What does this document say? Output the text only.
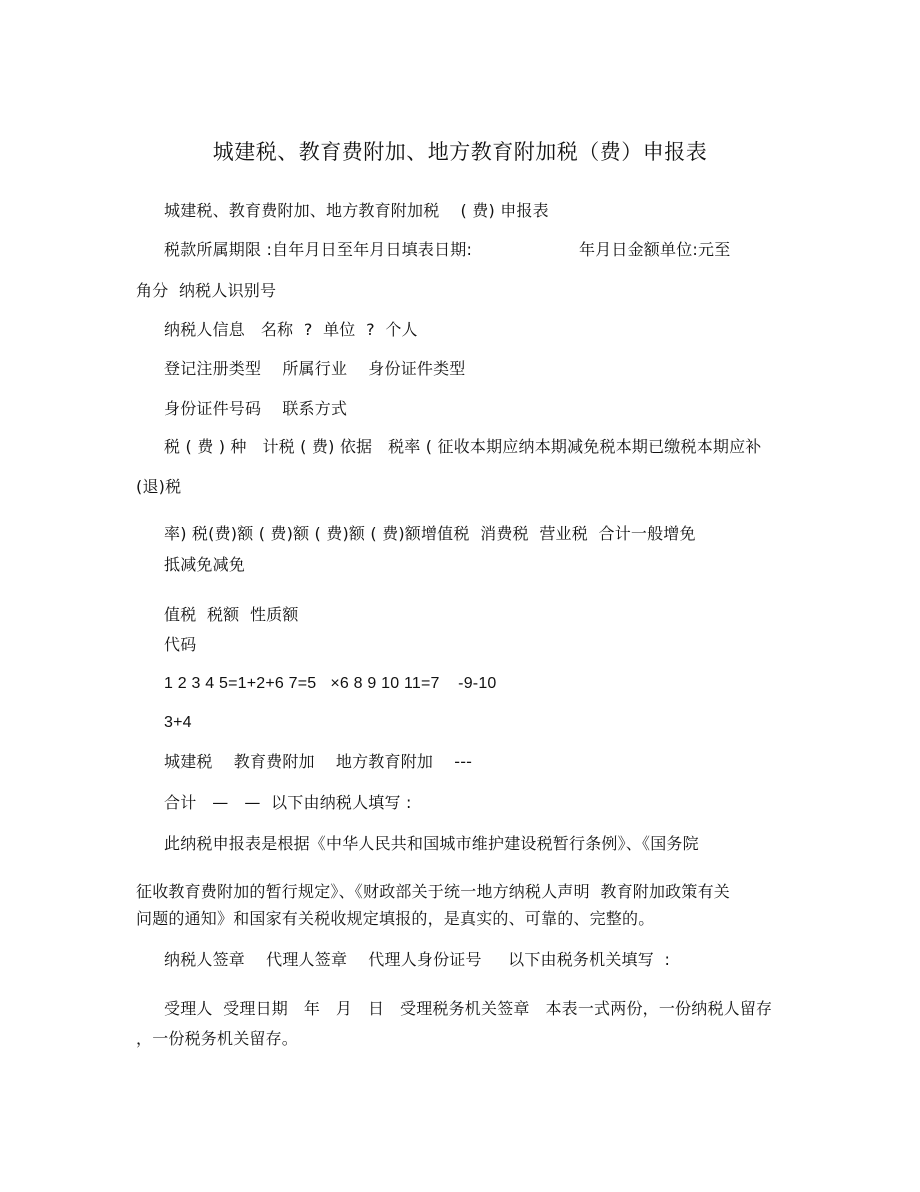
城建税、教育费附加、地方教育附加税（费）申报表
城建税、教育费附加、地方教育附加税    ( 费) 申报表
税款所属期限 :自年月日至年月日填表日期:	年月日金额单位:元至
角分  纳税人识别号
纳税人信息   名称  ?  单位  ?  个人
登记注册类型    所属行业    身份证件类型
身份证件号码    联系方式
税 ( 费 ) 种   计税 ( 费) 依据   税率 ( 征收本期应纳本期减免税本期已缴税本期应补
(退)税
率) 税(费)额 ( 费)额 ( 费)额 ( 费)额增值税  消费税  营业税  合计一般增免
抵减免减免
值税  税额  性质额
代码
1 2 3 4 5=1+2+6 7=5   ×6 8 9 10 11=7    -9-10
3+4
城建税    教育费附加    地方教育附加    ---
合计   —   —  以下由纳税人填写 :
此纳税申报表是根据《中华人民共和国城市维护建设税暂行条例》、《国务院
征收教育费附加的暂行规定》、《财政部关于统一地方纳税人声明  教育附加政策有关
问题的通知》和国家有关税收规定填报的，是真实的、可靠的、完整的。
纳税人签章    代理人签章    代理人身份证号     以下由税务机关填写  :
受理人  受理日期   年   月   日   受理税务机关签章   本表一式两份，一份纳税人留存
，一份税务机关留存。
